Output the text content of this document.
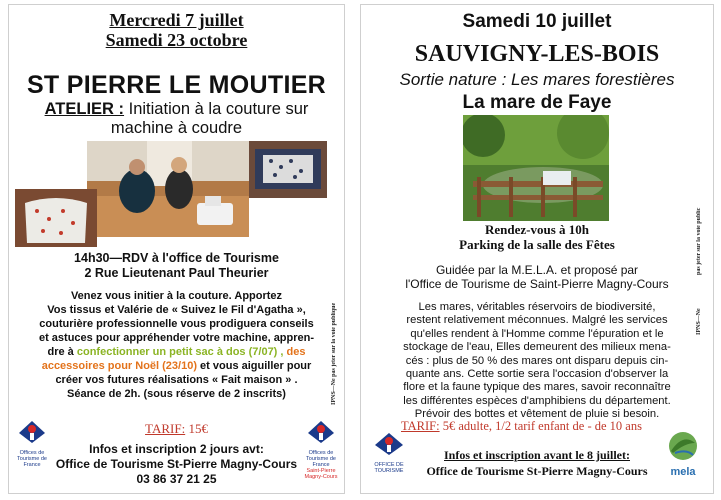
Mercredi 7 juillet
Samedi 23 octobre
ST PIERRE LE MOUTIER
ATELIER : Initiation à la couture sur
machine à coudre
14h30—RDV à l'office de Tourisme
2 Rue Lieutenant Paul Theurier
Venez vous initier à la couture. Apportez
Vos tissus et Valérie de « Suivez le Fil d'Agatha »,
couturière professionnelle vous prodiguera conseils
et astuces pour appréhender votre machine, appren-
dre à confectionner un petit sac à dos (7/07) , des
accessoires pour Noël (23/10) et vous aiguiller pour
créer vos futures réalisations « Fait maison » .
Séance de 2h. (sous réserve de 2 inscrits)	IPNS—Ne pas jeter sur la voie publique
TARIF: 15€
Offices de Tourisme de France
Offices de Tourisme de France
Saint-Pierre Magny-Cours
Infos et inscription 2 jours avt:
Office de Tourisme St-Pierre Magny-Cours
03 86 37 21 25
Samedi 10 juillet
SAUVIGNY-LES-BOIS
Sortie nature : Les mares forestières
La mare de Faye
Rendez-vous à 10h
Parking de la salle des Fêtes
Guidée par la M.E.L.A. et proposé par
l'Office de Tourisme de Saint-Pierre Magny-Cours
Les mares, véritables réservoirs de biodiversité,
restent relativement méconnues. Malgré les services
qu'elles rendent à l'Homme comme l'épuration et le
stockage de l'eau, Elles demeurent des milieux mena-
cés : plus de 50 % des mares ont disparu depuis cin-
quante ans. Cette sortie sera l'occasion d'observer la
flore et la faune typique des mares, savoir reconnaître
les différentes espèces d'amphibiens du département.
Prévoir des bottes et vêtement de pluie si besoin.
pas jeter sur la voie public
IPNS—Ne
TARIF: 5€ adulte, 1/2 tarif enfant de - de 10 ans
OFFICE DE TOURISME	mela
Infos et inscription avant le 8 juillet:
Office de Tourisme St-Pierre Magny-Cours
